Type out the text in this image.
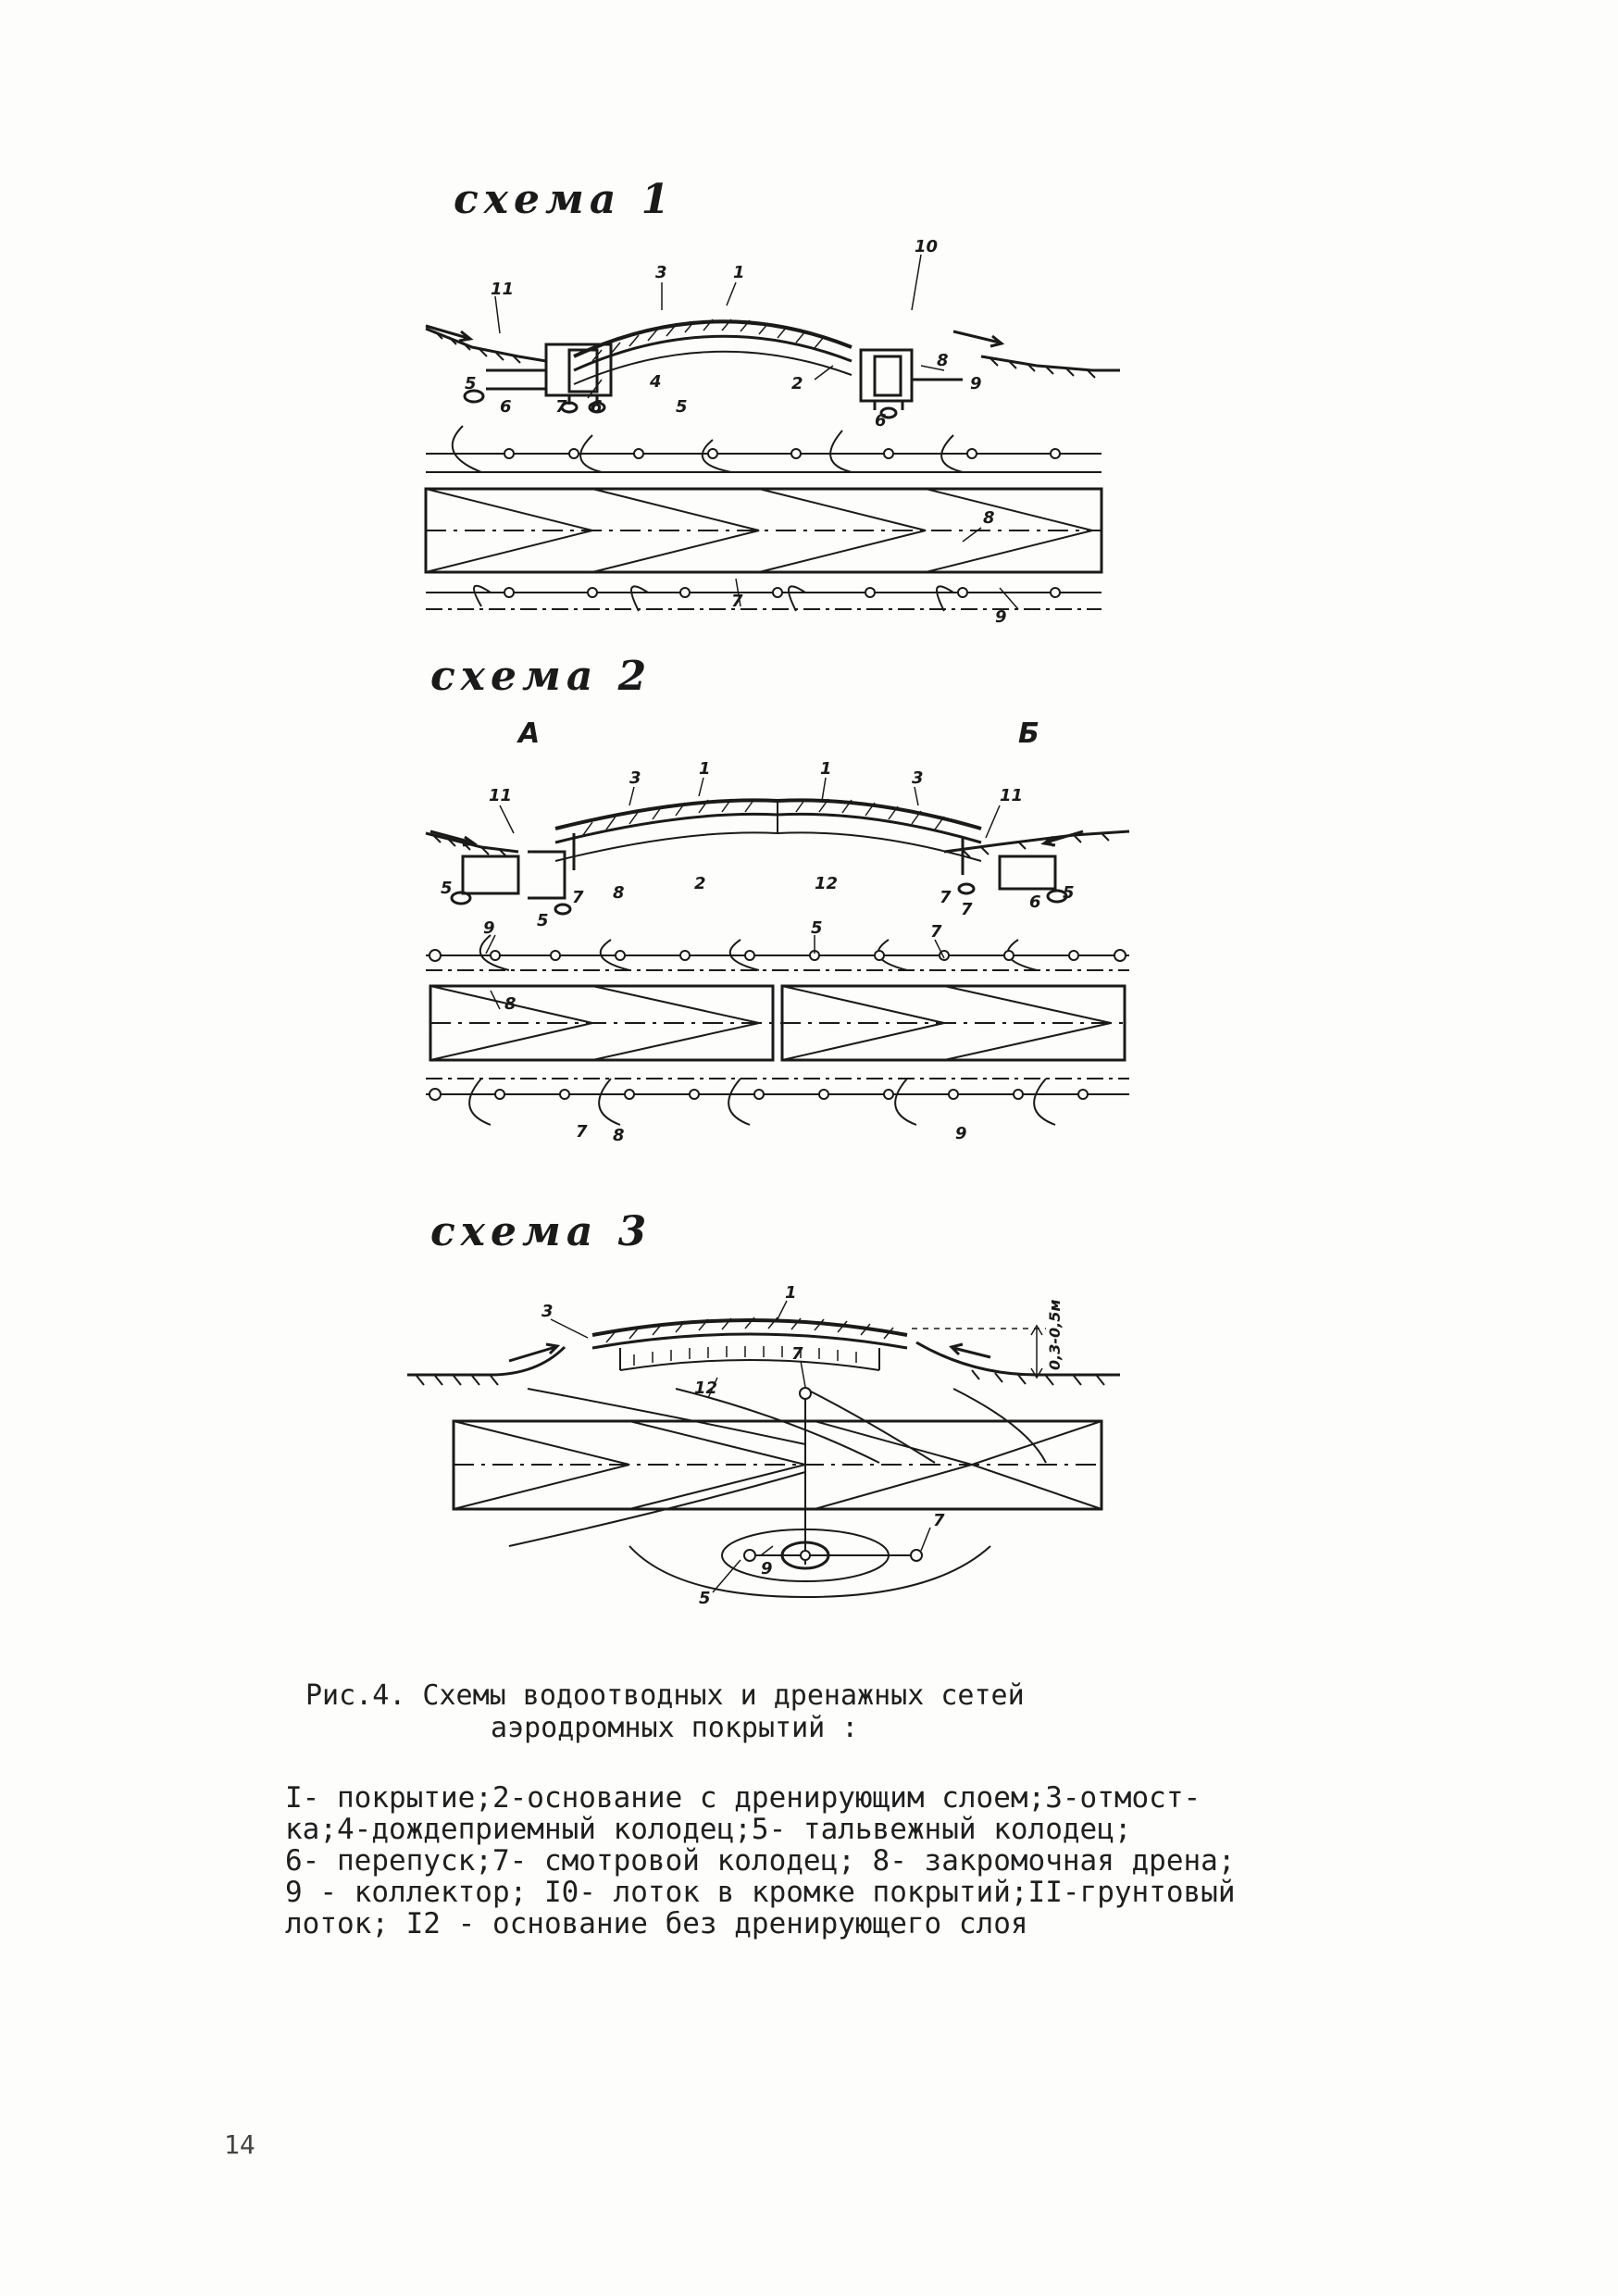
схема 1
11
3	1
10
5
6	7 6
4
5
2
6
8
9
8
7
9
схема 2
А	Б
11
3	1	1	3
11
5
5
7 8	2	12
7
7	6 5
9	5	7
8
7 8	9
схема 3
0,3-0,5м
3
1
12
7
7
9
5
Рис.4. Схемы водоотводных и дренажных сетей
аэродромных покрытий :
I- покрытие;2-основание с дренирующим слоем;3-отмост-
ка;4-дождеприемный колодец;5- тальвежный колодец;
6- перепуск;7- смотровой колодец; 8- закромочная дрена;
9 - коллектор; I0- лоток в кромке покрытий;II-грунтовый
лоток; I2 - основание без дренирующего слоя
14
